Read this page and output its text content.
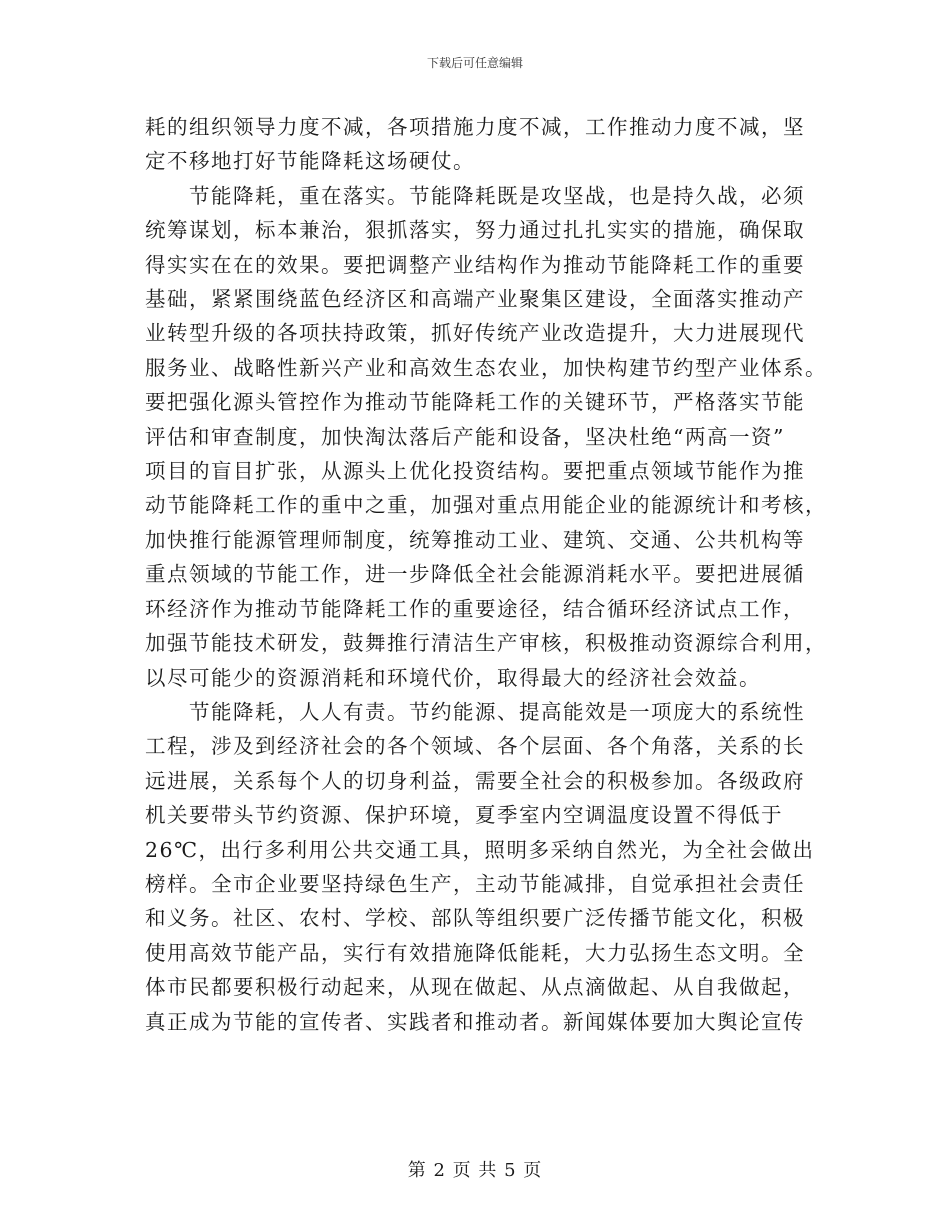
下载后可任意编辑
耗的组织领导力度不减，各项措施力度不减，工作推动力度不减，坚
定不移地打好节能降耗这场硬仗。
　　节能降耗，重在落实。节能降耗既是攻坚战，也是持久战，必须
统筹谋划，标本兼治，狠抓落实，努力通过扎扎实实的措施，确保取
得实实在在的效果。要把调整产业结构作为推动节能降耗工作的重要
基础，紧紧围绕蓝色经济区和高端产业聚集区建设，全面落实推动产
业转型升级的各项扶持政策，抓好传统产业改造提升，大力进展现代
服务业、战略性新兴产业和高效生态农业，加快构建节约型产业体系。
要把强化源头管控作为推动节能降耗工作的关键环节，严格落实节能
评估和审查制度，加快淘汰落后产能和设备，坚决杜绝“两高一资”
项目的盲目扩张，从源头上优化投资结构。要把重点领域节能作为推
动节能降耗工作的重中之重，加强对重点用能企业的能源统计和考核，
加快推行能源管理师制度，统筹推动工业、建筑、交通、公共机构等
重点领域的节能工作，进一步降低全社会能源消耗水平。要把进展循
环经济作为推动节能降耗工作的重要途径，结合循环经济试点工作，
加强节能技术研发，鼓舞推行清洁生产审核，积极推动资源综合利用，
以尽可能少的资源消耗和环境代价，取得最大的经济社会效益。
　　节能降耗，人人有责。节约能源、提高能效是一项庞大的系统性
工程，涉及到经济社会的各个领域、各个层面、各个角落，关系的长
远进展，关系每个人的切身利益，需要全社会的积极参加。各级政府
机关要带头节约资源、保护环境，夏季室内空调温度设置不得低于
26℃，出行多利用公共交通工具，照明多采纳自然光，为全社会做出
榜样。全市企业要坚持绿色生产，主动节能减排，自觉承担社会责任
和义务。社区、农村、学校、部队等组织要广泛传播节能文化，积极
使用高效节能产品，实行有效措施降低能耗，大力弘扬生态文明。全
体市民都要积极行动起来，从现在做起、从点滴做起、从自我做起，
真正成为节能的宣传者、实践者和推动者。新闻媒体要加大舆论宣传
第 2 页 共 5 页
